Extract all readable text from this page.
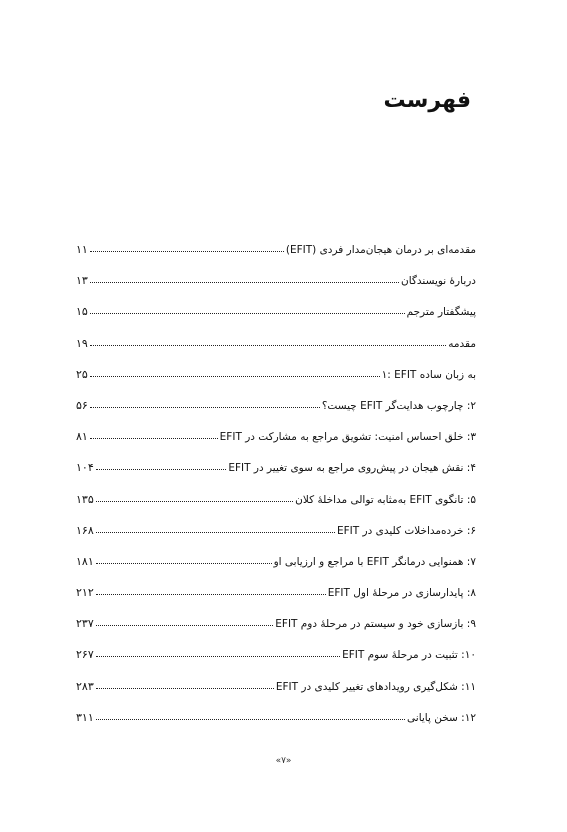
فهرست
مقدمه‌ای بر درمان هیجان‌مدار فردی (EFIT)
۱۱
دربارهٔ نویسندگان
۱۳
پیشگفتار مترجم
۱۵
مقدمه
۱۹
۱: EFIT به زبان ساده
۲۵
۲: چارچوب هدایت‌گر EFIT چیست؟
۵۶
۳: خلق احساس امنیت: تشویق مراجع به مشارکت در EFIT
۸۱
۴: نقش هیجان در پیش‌روی مراجع به سوی تغییر در EFIT
۱۰۴
۵: تانگوی EFIT به‌مثابه توالی مداخلهٔ کلان
۱۳۵
۶: خرده‌مداخلات کلیدی در EFIT
۱۶۸
۷: همنوایی درمانگر EFIT با مراجع و ارزیابی او
۱۸۱
۸: پایدارسازی در مرحلهٔ اول EFIT
۲۱۲
۹: بازسازی خود و سیستم در مرحلهٔ دوم EFIT
۲۳۷
۱۰: تثبیت در مرحلهٔ سوم EFIT
۲۶۷
۱۱: شکل‌گیری رویدادهای تغییر کلیدی در EFIT
۲۸۳
۱۲: سخن پایانی
۳۱۱
«۷»
